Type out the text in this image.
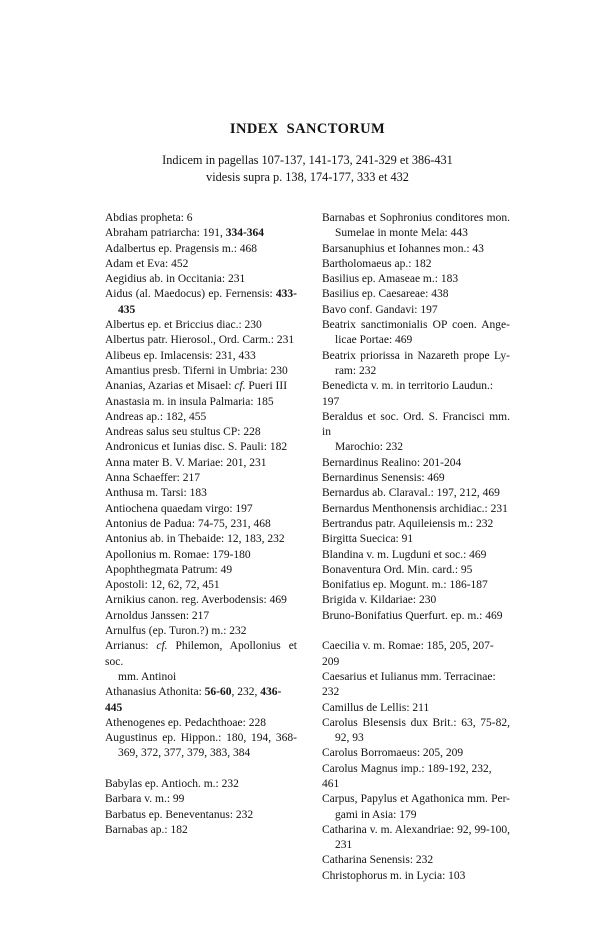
INDEX  SANCTORUM
Indicem in pagellas 107-137, 141-173, 241-329 et 386-431
videsis supra p. 138, 174-177, 333 et 432
Abdias propheta: 6
Abraham patriarcha: 191, 334-364
Adalbertus ep. Pragensis m.: 468
Adam et Eva: 452
Aegidius ab. in Occitania: 231
Aidus (al. Maedocus) ep. Fernensis: 433-
435
Albertus ep. et Briccius diac.: 230
Albertus patr. Hierosol., Ord. Carm.: 231
Alibeus ep. Imlacensis: 231, 433
Amantius presb. Tiferni in Umbria: 230
Ananias, Azarias et Misael: cf. Pueri III
Anastasia m. in insula Palmaria: 185
Andreas ap.: 182, 455
Andreas salus seu stultus CP: 228
Andronicus et Iunias disc. S. Pauli: 182
Anna mater B. V. Mariae: 201, 231
Anna Schaeffer: 217
Anthusa m. Tarsi: 183
Antiochena quaedam virgo: 197
Antonius de Padua: 74-75, 231, 468
Antonius ab. in Thebaide: 12, 183, 232
Apollonius m. Romae: 179-180
Apophthegmata Patrum: 49
Apostoli: 12, 62, 72, 451
Arnikius canon. reg. Averbodensis: 469
Arnoldus Janssen: 217
Arnulfus (ep. Turon.?) m.: 232
Arrianus: cf. Philemon, Apollonius et soc.
mm. Antinoi
Athanasius Athonita: 56-60, 232, 436-445
Athenogenes ep. Pedachthoae: 228
Augustinus ep. Hippon.: 180, 194, 368-
369, 372, 377, 379, 383, 384
Babylas ep. Antioch. m.: 232
Barbara v. m.: 99
Barbatus ep. Beneventanus: 232
Barnabas ap.: 182
Barnabas et Sophronius conditores mon.
Sumelae in monte Mela: 443
Barsanuphius et Iohannes mon.: 43
Bartholomaeus ap.: 182
Basilius ep. Amaseae m.: 183
Basilius ep. Caesareae: 438
Bavo conf. Gandavi: 197
Beatrix sanctimonialis OP coen. Ange-
licae Portae: 469
Beatrix priorissa in Nazareth prope Ly-
ram: 232
Benedicta v. m. in territorio Laudun.: 197
Beraldus et soc. Ord. S. Francisci mm. in
Marochio: 232
Bernardinus Realino: 201-204
Bernardinus Senensis: 469
Bernardus ab. Claraval.: 197, 212, 469
Bernardus Menthonensis archidiac.: 231
Bertrandus patr. Aquileiensis m.: 232
Birgitta Suecica: 91
Blandina v. m. Lugduni et soc.: 469
Bonaventura Ord. Min. card.: 95
Bonifatius ep. Mogunt. m.: 186-187
Brigida v. Kildariae: 230
Bruno-Bonifatius Querfurt. ep. m.: 469
Caecilia v. m. Romae: 185, 205, 207-209
Caesarius et Iulianus mm. Terracinae: 232
Camillus de Lellis: 211
Carolus Blesensis dux Brit.: 63, 75-82,
92, 93
Carolus Borromaeus: 205, 209
Carolus Magnus imp.: 189-192, 232, 461
Carpus, Papylus et Agathonica mm. Per-
gami in Asia: 179
Catharina v. m. Alexandriae: 92, 99-100,
231
Catharina Senensis: 232
Christophorus m. in Lycia: 103
